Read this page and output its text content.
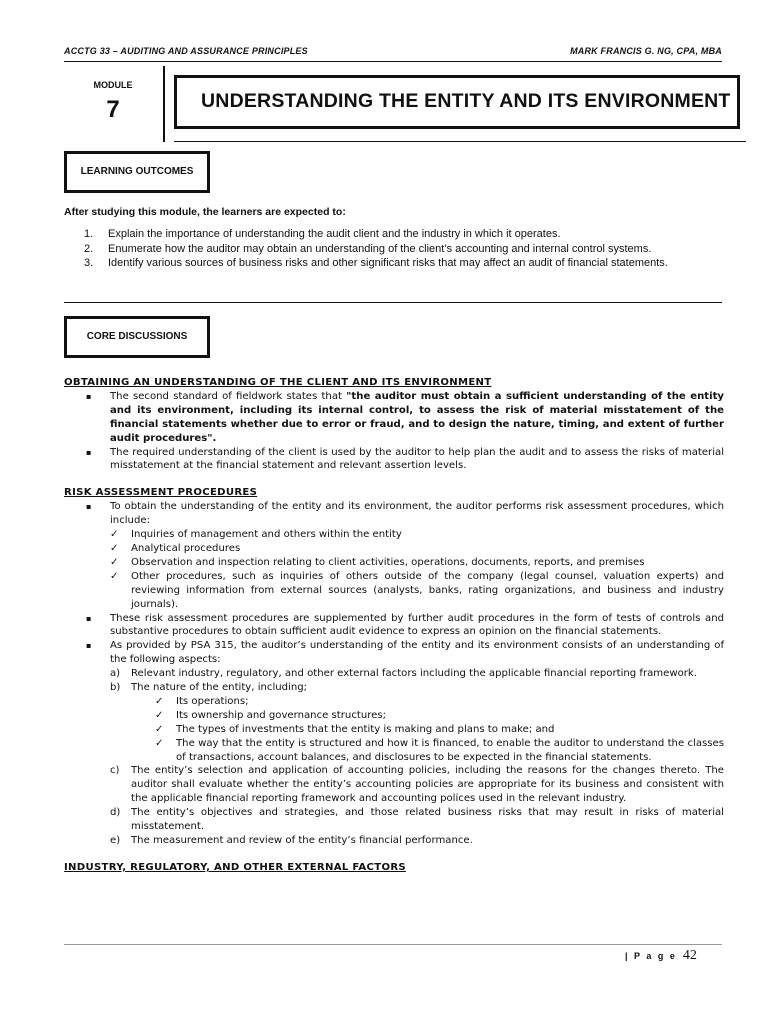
ACCTG 33 – AUDITING AND ASSURANCE PRINCIPLES	MARK FRANCIS G. NG, CPA, MBA
MODULE
7	UNDERSTANDING THE ENTITY AND ITS ENVIRONMENT
LEARNING OUTCOMES
After studying this module, the learners are expected to:
1. Explain the importance of understanding the audit client and the industry in which it operates.
2. Enumerate how the auditor may obtain an understanding of the client’s accounting and internal control systems.
3. Identify various sources of business risks and other significant risks that may affect an audit of financial statements.
CORE DISCUSSIONS

OBTAINING AN UNDERSTANDING OF THE CLIENT AND ITS ENVIRONMENT

▪ The second standard of fieldwork states that "the auditor must obtain a sufficient understanding of the entity and its environment, including its internal control, to assess the risk of material misstatement of the financial statements whether due to error or fraud, and to design the nature, timing, and extent of further audit procedures".

▪ The required understanding of the client is used by the auditor to help plan the audit and to assess the risks of material misstatement at the financial statement and relevant assertion levels.

RISK ASSESSMENT PROCEDURES

▪ To obtain the understanding of the entity and its environment, the auditor performs risk assessment procedures, which include:

✓ Inquiries of management and others within the entity

✓ Analytical procedures

✓ Observation and inspection relating to client activities, operations, documents, reports, and premises

✓ Other procedures, such as inquiries of others outside of the company (legal counsel, valuation experts) and reviewing information from external sources (analysts, banks, rating organizations, and business and industry journals).

▪ These risk assessment procedures are supplemented by further audit procedures in the form of tests of controls and substantive procedures to obtain sufficient audit evidence to express an opinion on the financial statements.

▪ As provided by PSA 315, the auditor’s understanding of the entity and its environment consists of an understanding of the following aspects:

a) Relevant industry, regulatory, and other external factors including the applicable financial reporting framework.

b) The nature of the entity, including;

✓ Its operations;

✓ Its ownership and governance structures;

✓ The types of investments that the entity is making and plans to make; and

✓ The way that the entity is structured and how it is financed, to enable the auditor to understand the classes of transactions, account balances, and disclosures to be expected in the financial statements.

c) The entity’s selection and application of accounting policies, including the reasons for the changes thereto. The auditor shall evaluate whether the entity’s accounting policies are appropriate for its business and consistent with the applicable financial reporting framework and accounting polices used in the relevant industry.

d) The entity’s objectives and strategies, and those related business risks that may result in risks of material misstatement.

e) The measurement and review of the entity’s financial performance.

INDUSTRY, REGULATORY, AND OTHER EXTERNAL FACTORS

| P a g e 42
